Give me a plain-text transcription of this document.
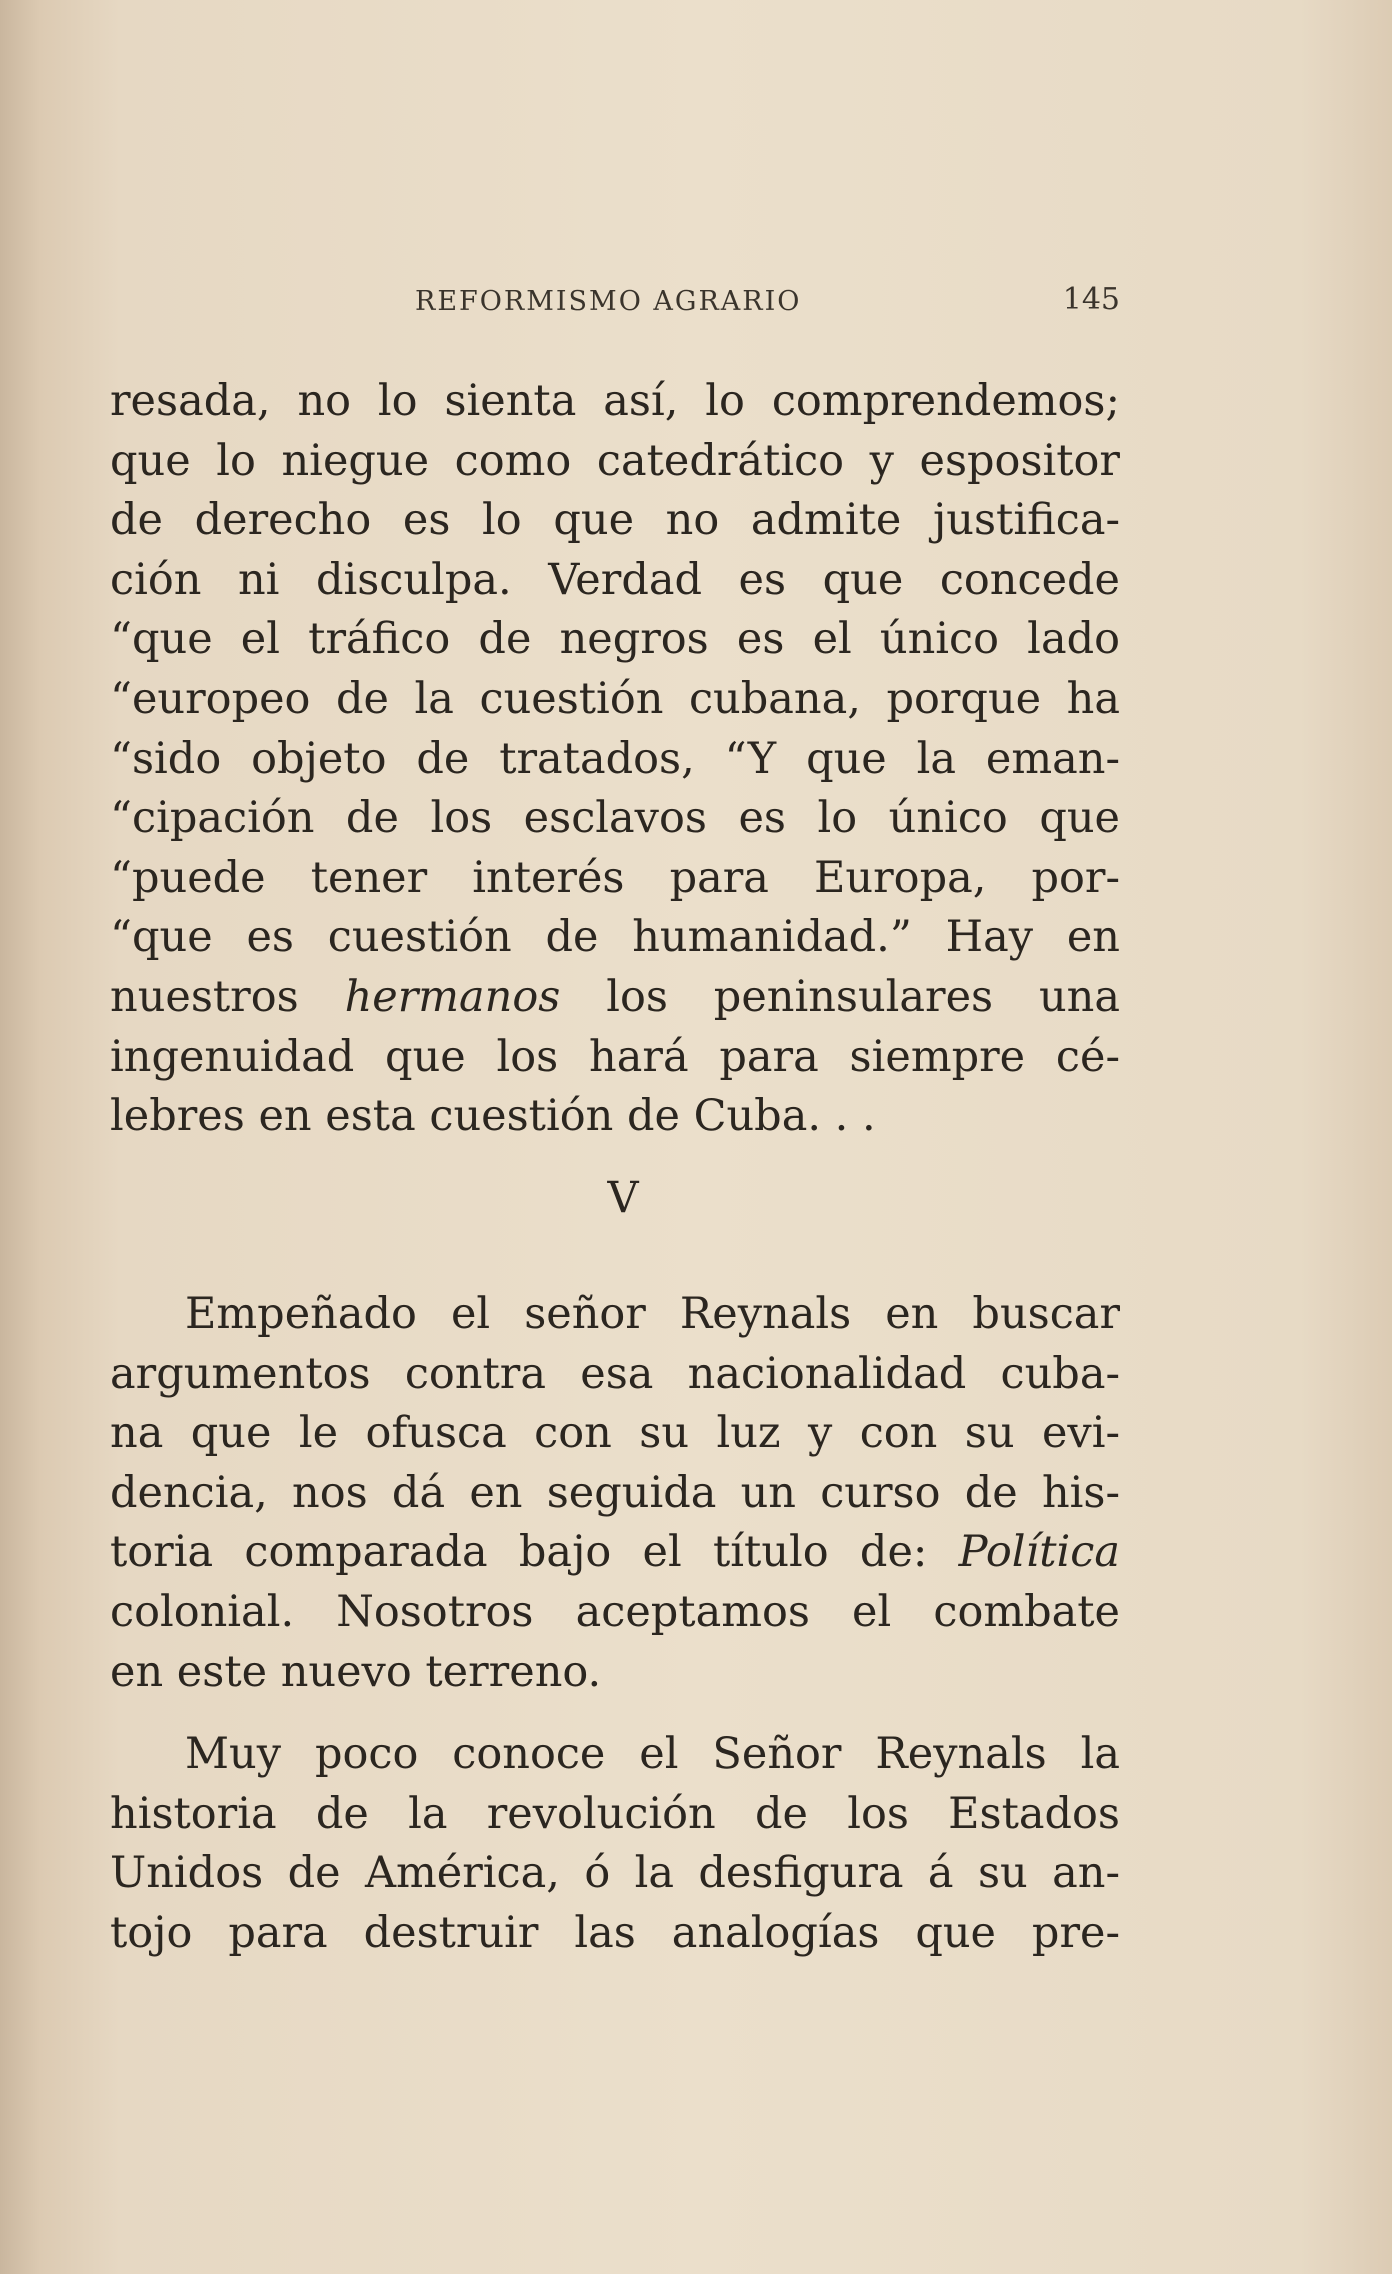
REFORMISMO AGRARIO	145
resada, no lo sienta así, lo comprendemos;
que lo niegue como catedrático y espositor
de derecho es lo que no admite justifica-
ción ni disculpa. Verdad es que concede
“que el tráfico de negros es el único lado
“europeo de la cuestión cubana, porque ha
“sido objeto de tratados, “Y que la eman-
“cipación de los esclavos es lo único que
“puede tener interés para Europa, por-
“que es cuestión de humanidad.” Hay en
nuestros hermanos los peninsulares una
ingenuidad que los hará para siempre cé-
lebres en esta cuestión de Cuba. . .
V
Empeñado el señor Reynals en buscar
argumentos contra esa nacionalidad cuba-
na que le ofusca con su luz y con su evi-
dencia, nos dá en seguida un curso de his-
toria comparada bajo el título de: Política
colonial. Nosotros aceptamos el combate
en este nuevo terreno.
Muy poco conoce el Señor Reynals la
historia de la revolución de los Estados
Unidos de América, ó la desfigura á su an-
tojo para destruir las analogías que pre-
